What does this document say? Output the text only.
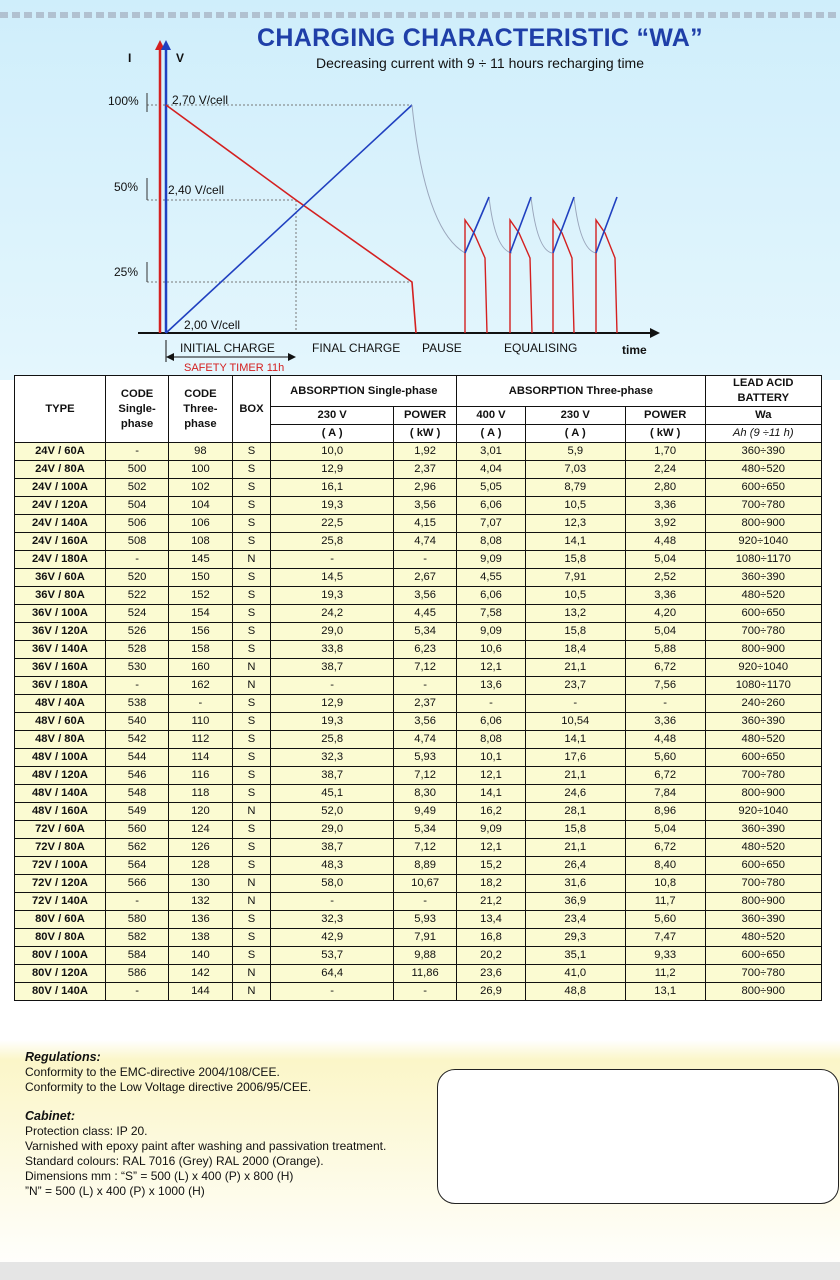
CHARGING CHARACTERISTIC “WA”
Decreasing current with 9 ÷ 11 hours recharging time
I	V
100%
50%
25%
2,70 V/cell
2,40 V/cell
2,00 V/cell
INITIAL CHARGE	FINAL CHARGE PAUSE	EQUALISING	time
SAFETY TIMER 11h
TYPE	CODE Single-phase	CODE Three-phase	BOX	ABSORPTION Single-phase		ABSORPTION Three-phase			LEAD ACID BATTERY
				230 V	POWER	400 V	230 V	POWER	Wa
				( A )	( kW )	( A )	( A )	( kW )	Ah (9 ÷11 h)
24V / 60A	-	98	S	10,0	1,92	3,01	5,9	1,70	360÷390
24V / 80A	500	100	S	12,9	2,37	4,04	7,03	2,24	480÷520
24V / 100A	502	102	S	16,1	2,96	5,05	8,79	2,80	600÷650
24V / 120A	504	104	S	19,3	3,56	6,06	10,5	3,36	700÷780
24V / 140A	506	106	S	22,5	4,15	7,07	12,3	3,92	800÷900
24V / 160A	508	108	S	25,8	4,74	8,08	14,1	4,48	920÷1040
24V / 180A	-	145	N	-	-	9,09	15,8	5,04	1080÷1170
36V / 60A	520	150	S	14,5	2,67	4,55	7,91	2,52	360÷390
36V / 80A	522	152	S	19,3	3,56	6,06	10,5	3,36	480÷520
36V / 100A	524	154	S	24,2	4,45	7,58	13,2	4,20	600÷650
36V / 120A	526	156	S	29,0	5,34	9,09	15,8	5,04	700÷780
36V / 140A	528	158	S	33,8	6,23	10,6	18,4	5,88	800÷900
36V / 160A	530	160	N	38,7	7,12	12,1	21,1	6,72	920÷1040
36V / 180A	-	162	N	-	-	13,6	23,7	7,56	1080÷1170
48V / 40A	538	-	S	12,9	2,37	-	-	-	240÷260
48V / 60A	540	110	S	19,3	3,56	6,06	10,54	3,36	360÷390
48V / 80A	542	112	S	25,8	4,74	8,08	14,1	4,48	480÷520
48V / 100A	544	114	S	32,3	5,93	10,1	17,6	5,60	600÷650
48V / 120A	546	116	S	38,7	7,12	12,1	21,1	6,72	700÷780
48V / 140A	548	118	S	45,1	8,30	14,1	24,6	7,84	800÷900
48V / 160A	549	120	N	52,0	9,49	16,2	28,1	8,96	920÷1040
72V / 60A	560	124	S	29,0	5,34	9,09	15,8	5,04	360÷390
72V / 80A	562	126	S	38,7	7,12	12,1	21,1	6,72	480÷520
72V / 100A	564	128	S	48,3	8,89	15,2	26,4	8,40	600÷650
72V / 120A	566	130	N	58,0	10,67	18,2	31,6	10,8	700÷780
72V / 140A	-	132	N	-	-	21,2	36,9	11,7	800÷900
80V / 60A	580	136	S	32,3	5,93	13,4	23,4	5,60	360÷390
80V / 80A	582	138	S	42,9	7,91	16,8	29,3	7,47	480÷520
80V / 100A	584	140	S	53,7	9,88	20,2	35,1	9,33	600÷650
80V / 120A	586	142	N	64,4	11,86	23,6	41,0	11,2	700÷780
80V / 140A	-	144	N	-	-	26,9	48,8	13,1	800÷900
Regulations:
Conformity to the EMC-directive 2004/108/CEE.
Conformity to the Low Voltage directive 2006/95/CEE.
Cabinet:
Protection class: IP 20.
Varnished with epoxy paint after washing and passivation treatment.
Standard colours: RAL 7016 (Grey) RAL 2000 (Orange).
Dimensions mm : “S” = 500 (L) x 400 (P) x 800 (H)
”N” = 500 (L) x 400 (P) x 1000 (H)
